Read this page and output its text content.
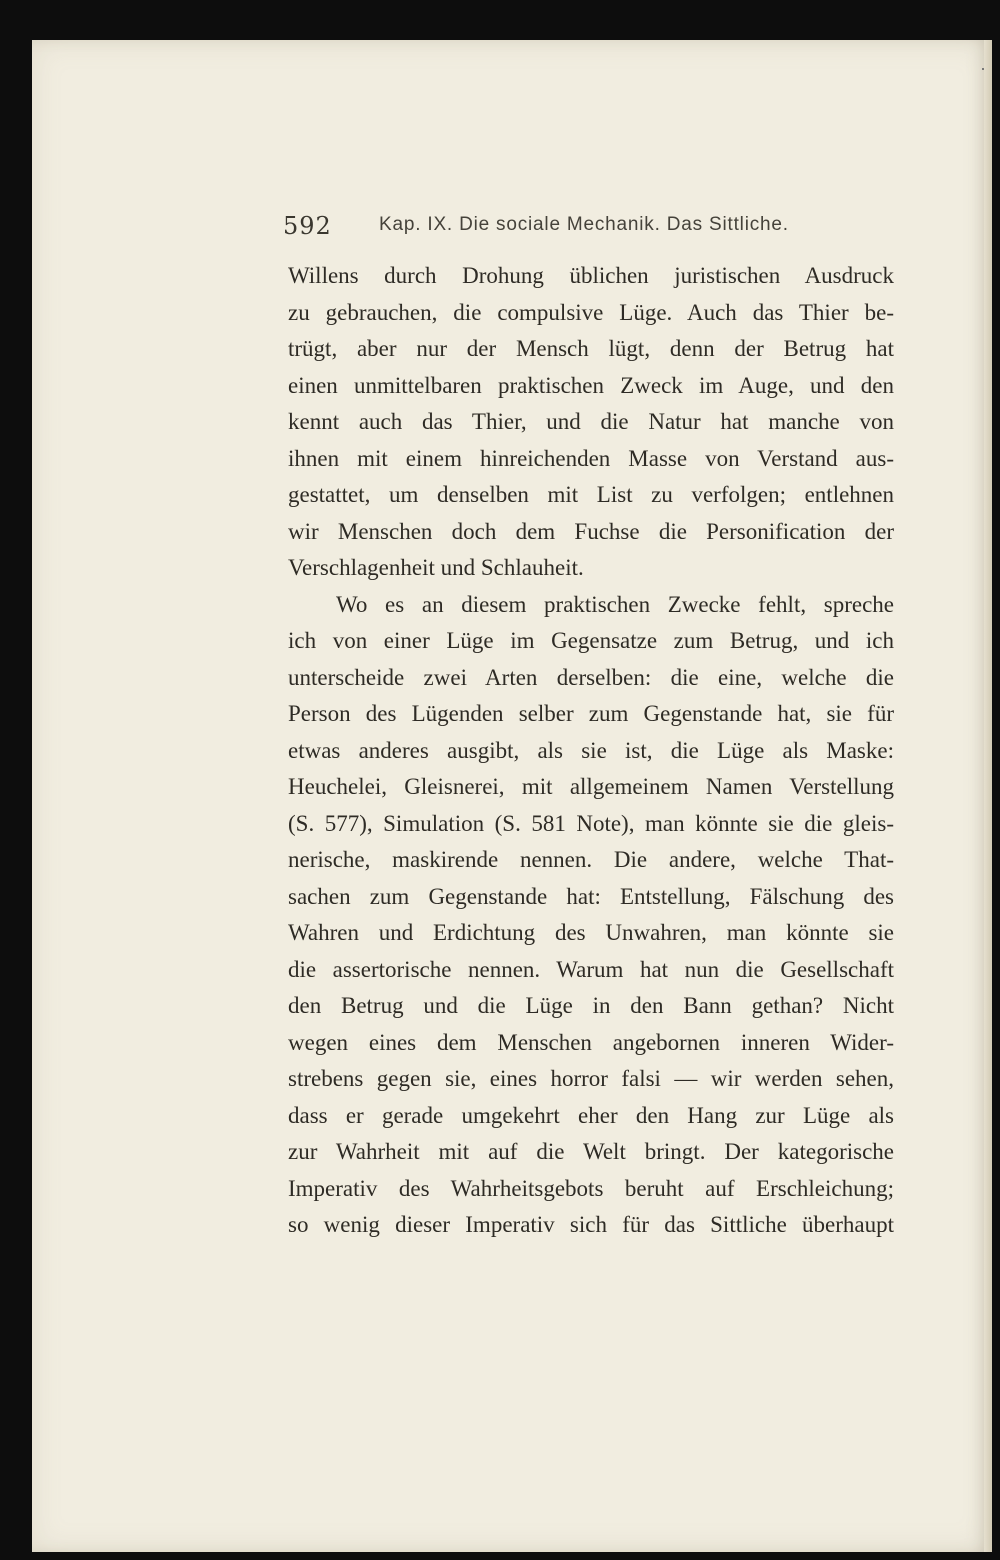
592 Kap. IX. Die sociale Mechanik. Das Sittliche.
Willens durch Drohung üblichen juristischen Ausdruck
zu gebrauchen, die compulsive Lüge. Auch das Thier be-
trügt, aber nur der Mensch lügt, denn der Betrug hat
einen unmittelbaren praktischen Zweck im Auge, und den
kennt auch das Thier, und die Natur hat manche von
ihnen mit einem hinreichenden Masse von Verstand aus-
gestattet, um denselben mit List zu verfolgen; entlehnen
wir Menschen doch dem Fuchse die Personification der
Verschlagenheit und Schlauheit.
Wo es an diesem praktischen Zwecke fehlt, spreche
ich von einer Lüge im Gegensatze zum Betrug, und ich
unterscheide zwei Arten derselben: die eine, welche die
Person des Lügenden selber zum Gegenstande hat, sie für
etwas anderes ausgibt, als sie ist, die Lüge als Maske:
Heuchelei, Gleisnerei, mit allgemeinem Namen Verstellung
(S. 577), Simulation (S. 581 Note), man könnte sie die gleis-
nerische, maskirende nennen. Die andere, welche That-
sachen zum Gegenstande hat: Entstellung, Fälschung des
Wahren und Erdichtung des Unwahren, man könnte sie
die assertorische nennen. Warum hat nun die Gesellschaft
den Betrug und die Lüge in den Bann gethan? Nicht
wegen eines dem Menschen angebornen inneren Wider-
strebens gegen sie, eines horror falsi — wir werden sehen,
dass er gerade umgekehrt eher den Hang zur Lüge als
zur Wahrheit mit auf die Welt bringt. Der kategorische
Imperativ des Wahrheitsgebots beruht auf Erschleichung;
so wenig dieser Imperativ sich für das Sittliche überhaupt
